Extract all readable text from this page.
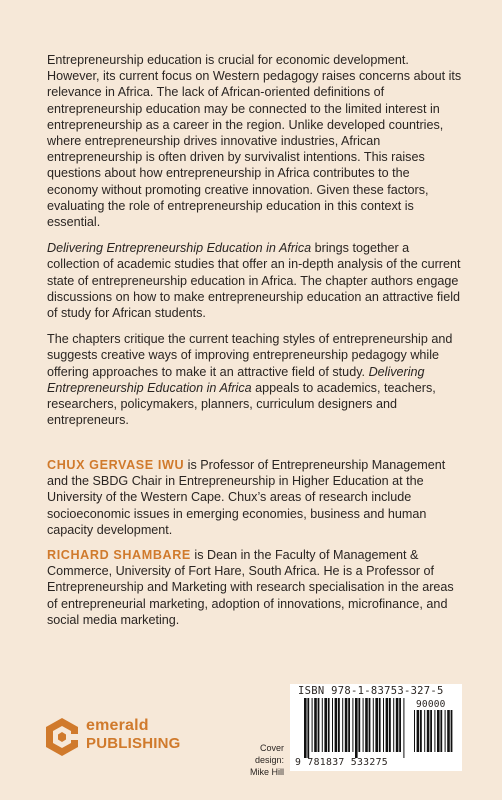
Entrepreneurship education is crucial for economic development. However, its current focus on Western pedagogy raises concerns about its relevance in Africa. The lack of African-oriented definitions of entrepreneurship education may be connected to the limited interest in entrepreneurship as a career in the region. Unlike developed countries, where entrepreneurship drives innovative industries, African entrepreneurship is often driven by survivalist intentions. This raises questions about how entrepreneurship in Africa contributes to the economy without promoting creative innovation. Given these factors, evaluating the role of entrepreneurship education in this context is essential.

Delivering Entrepreneurship Education in Africa brings together a collection of academic studies that offer an in-depth analysis of the current state of entrepreneurship education in Africa. The chapter authors engage discussions on how to make entrepreneurship education an attractive field of study for African students.

The chapters critique the current teaching styles of entrepreneurship and suggests creative ways of improving entrepreneurship pedagogy while offering approaches to make it an attractive field of study. Delivering Entrepreneurship Education in Africa appeals to academics, teachers, researchers, policymakers, planners, curriculum designers and entrepreneurs.

CHUX GERVASE IWU is Professor of Entrepreneurship Management and the SBDG Chair in Entrepreneurship in Higher Education at the University of the Western Cape. Chux’s areas of research include socioeconomic issues in emerging economies, business and human capacity development.

RICHARD SHAMBARE is Dean in the Faculty of Management & Commerce, University of Fort Hare, South Africa. He is a Professor of Entrepreneurship and Marketing with research specialisation in the areas of entrepreneurial marketing, adoption of innovations, microfinance, and social media marketing.

emerald
PUBLISHING	Cover design:
Mike Hill
ISBN 978-1-83753-327-5
90000
9 781837 533275
